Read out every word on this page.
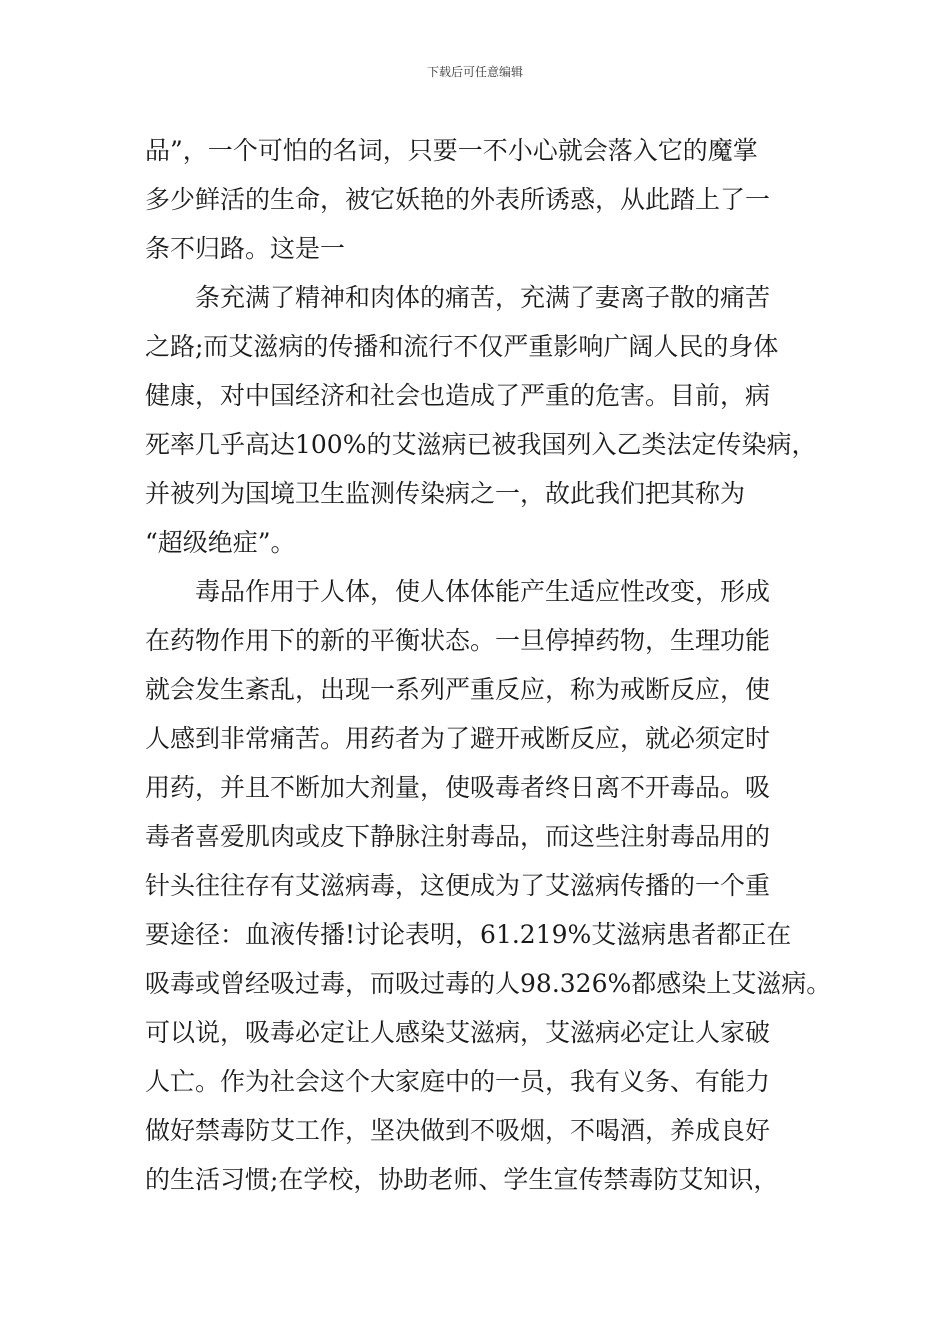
下载后可任意编辑
品”，一个可怕的名词，只要一不小心就会落入它的魔掌
多少鲜活的生命，被它妖艳的外表所诱惑，从此踏上了一
条不归路。这是一
　　条充满了精神和肉体的痛苦，充满了妻离子散的痛苦
之路;而艾滋病的传播和流行不仅严重影响广阔人民的身体
健康，对中国经济和社会也造成了严重的危害。目前，病
死率几乎高达100%的艾滋病已被我国列入乙类法定传染病，
并被列为国境卫生监测传染病之一，故此我们把其称为
“超级绝症”。
　　毒品作用于人体，使人体体能产生适应性改变，形成
在药物作用下的新的平衡状态。一旦停掉药物，生理功能
就会发生紊乱，出现一系列严重反应，称为戒断反应，使
人感到非常痛苦。用药者为了避开戒断反应，就必须定时
用药，并且不断加大剂量，使吸毒者终日离不开毒品。吸
毒者喜爱肌肉或皮下静脉注射毒品，而这些注射毒品用的
针头往往存有艾滋病毒，这便成为了艾滋病传播的一个重
要途径：血液传播!讨论表明，61.219%艾滋病患者都正在
吸毒或曾经吸过毒，而吸过毒的人98.326%都感染上艾滋病。
可以说，吸毒必定让人感染艾滋病，艾滋病必定让人家破
人亡。作为社会这个大家庭中的一员，我有义务、有能力
做好禁毒防艾工作，坚决做到不吸烟，不喝酒，养成良好
的生活习惯;在学校，协助老师、学生宣传禁毒防艾知识，
